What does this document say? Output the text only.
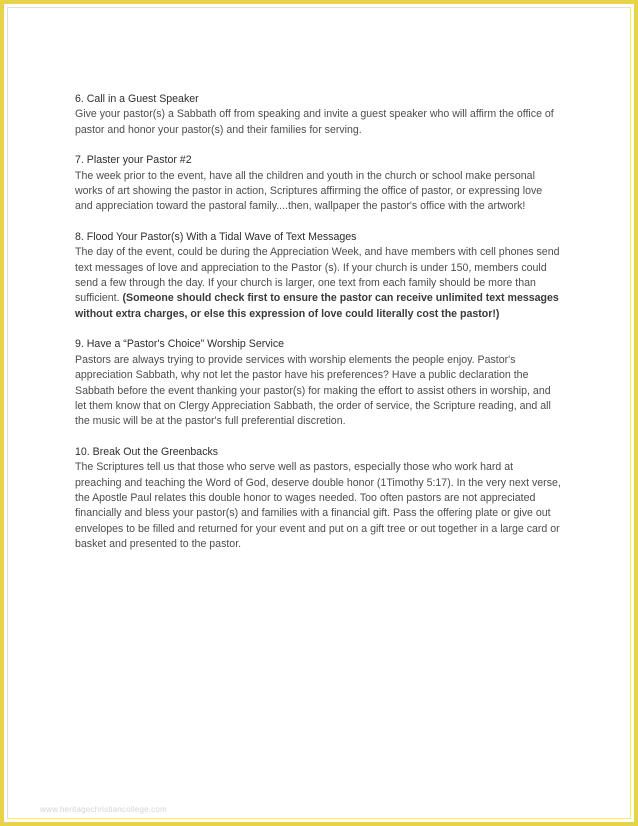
6. Call in a Guest Speaker
Give your pastor(s) a Sabbath off from speaking and invite a guest speaker who will affirm the office of pastor and honor your pastor(s) and their families for serving.
7. Plaster your Pastor #2
The week prior to the event, have all the children and youth in the church or school make personal works of art showing the pastor in action, Scriptures affirming the office of pastor, or expressing love and appreciation toward the pastoral family....then, wallpaper the pastor's office with the artwork!
8. Flood Your Pastor(s) With a Tidal Wave of Text Messages
The day of the event, could be during the Appreciation Week, and have members with cell phones send text messages of love and appreciation to the Pastor (s). If your church is under 150, members could send a few through the day. If your church is larger, one text from each family should be more than sufficient. (Someone should check first to ensure the pastor can receive unlimited text messages without extra charges, or else this expression of love could literally cost the pastor!)
9. Have a “Pastor's Choice” Worship Service
Pastors are always trying to provide services with worship elements the people enjoy. Pastor's appreciation Sabbath, why not let the pastor have his preferences? Have a public declaration the Sabbath before the event thanking your pastor(s) for making the effort to assist others in worship, and let them know that on Clergy Appreciation Sabbath, the order of service, the Scripture reading, and all the music will be at the pastor's full preferential discretion.
10. Break Out the Greenbacks
The Scriptures tell us that those who serve well as pastors, especially those who work hard at preaching and teaching the Word of God, deserve double honor (1Timothy 5:17). In the very next verse, the Apostle Paul relates this double honor to wages needed. Too often pastors are not appreciated financially and bless your pastor(s) and families with a financial gift. Pass the offering plate or give out envelopes to be filled and returned for your event and put on a gift tree or out together in a large card or basket and presented to the pastor.
www.heritagechristiancollege.com
